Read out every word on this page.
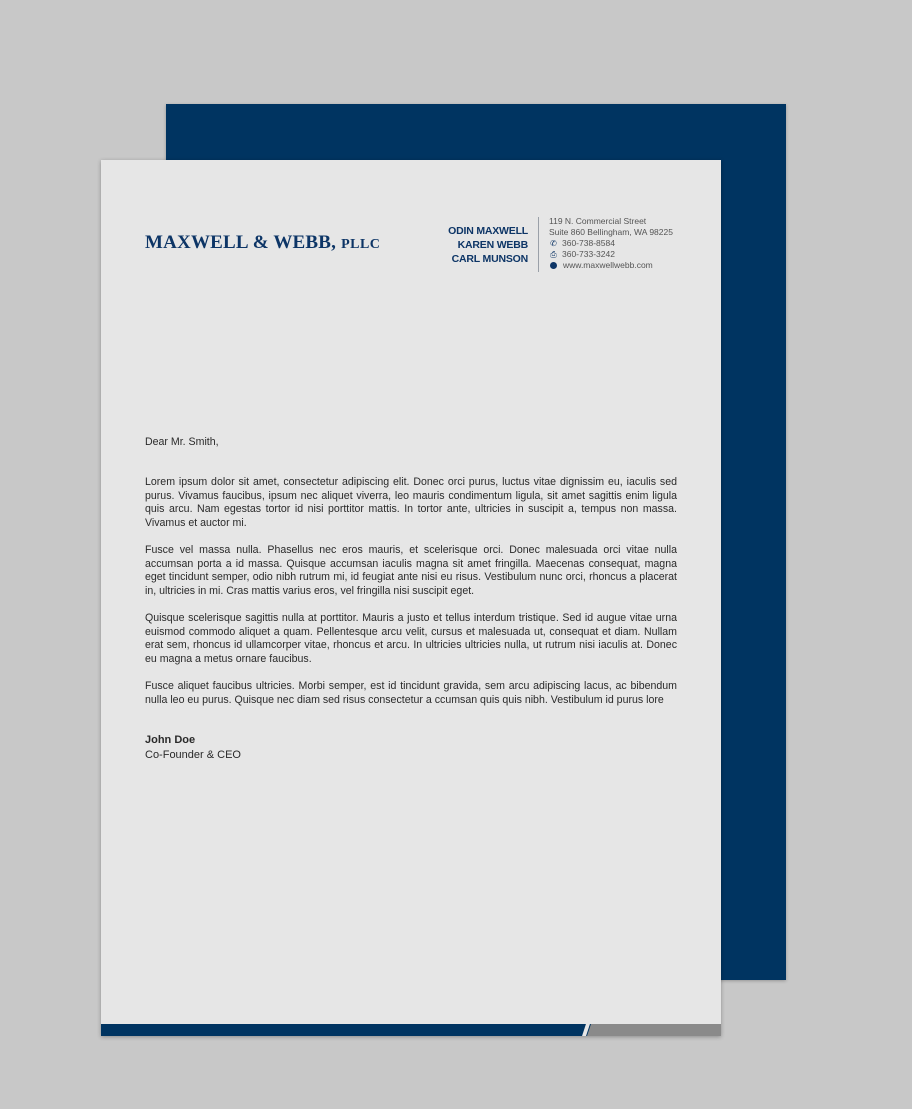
MAXWELL & WEBB, PLLC
ODIN MAXWELL
KAREN WEBB
CARL MUNSON
119 N. Commercial Street
Suite 860 Bellingham, WA 98225
✆ 360-738-8584
⎙ 360-733-3242
www.maxwellwebb.com
Dear Mr. Smith,
Lorem ipsum dolor sit amet, consectetur adipiscing elit. Donec orci purus, luctus vitae dignissim eu, iaculis sed purus. Vivamus faucibus, ipsum nec aliquet viverra, leo mauris condimentum ligula, sit amet sagittis enim ligula quis arcu. Nam egestas tortor id nisi porttitor mattis. In tortor ante, ultricies in suscipit a, tempus non massa. Vivamus et auctor mi.
Fusce vel massa nulla. Phasellus nec eros mauris, et scelerisque orci. Donec malesuada orci vitae nulla accumsan porta a id massa. Quisque accumsan iaculis magna sit amet fringilla. Maecenas consequat, magna eget tincidunt semper, odio nibh rutrum mi, id feugiat ante nisi eu risus. Vestibulum nunc orci, rhoncus a placerat in, ultricies in mi. Cras mattis varius eros, vel fringilla nisi suscipit eget.
Quisque scelerisque sagittis nulla at porttitor. Mauris a justo et tellus interdum tristique. Sed id augue vitae urna euismod commodo aliquet a quam. Pellentesque arcu velit, cursus et malesuada ut, consequat et diam. Nullam erat sem, rhoncus id ullamcorper vitae, rhoncus et arcu. In ultricies ultricies nulla, ut rutrum nisi iaculis at. Donec eu magna a metus ornare faucibus.
Fusce aliquet faucibus ultricies. Morbi semper, est id tincidunt gravida, sem arcu adipiscing lacus, ac bibendum nulla leo eu purus. Quisque nec diam sed risus consectetur a ccumsan quis quis nibh. Vestibulum id purus lore
John Doe
Co-Founder & CEO
